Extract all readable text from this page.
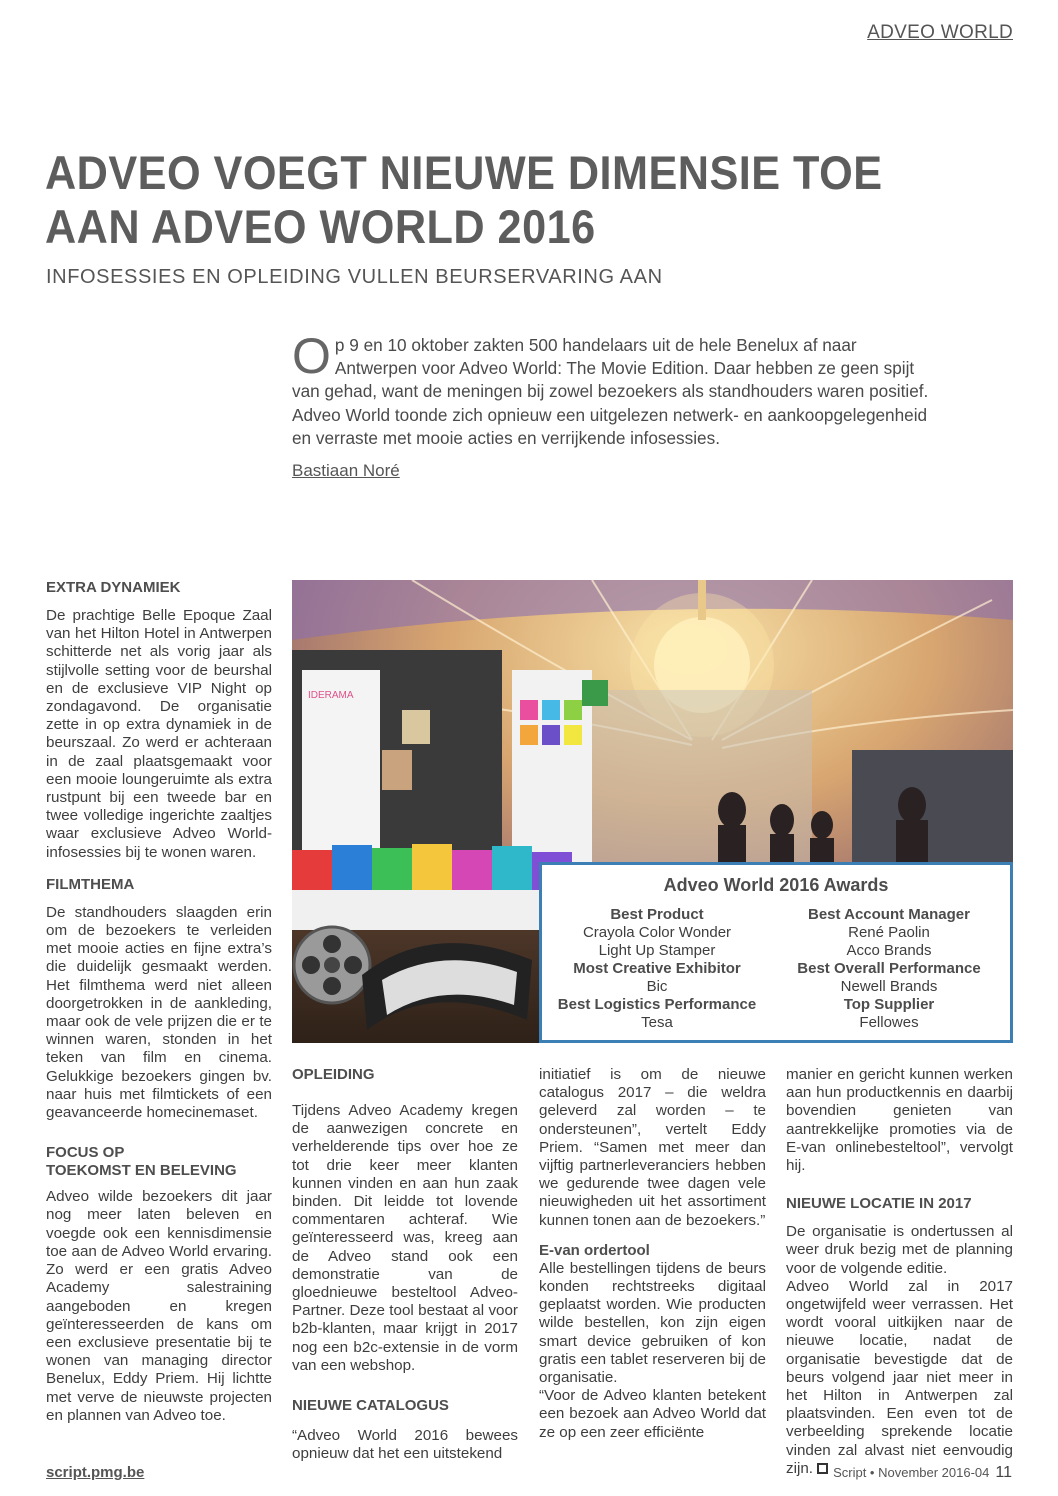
ADVEO WORLD
ADVEO VOEGT NIEUWE DIMENSIE TOE
AAN ADVEO WORLD 2016
INFOSESSIES EN OPLEIDING VULLEN BEURSERVARING AAN
Op 9 en 10 oktober zakten 500 handelaars uit de hele Benelux af naar Antwerpen voor Adveo World: The Movie Edition. Daar hebben ze geen spijt van gehad, want de meningen bij zowel bezoekers als standhouders waren positief. Adveo World toonde zich opnieuw een uitgelezen netwerk- en aankoopgelegenheid en verraste met mooie acties en verrijkende infosessies.
Bastiaan Noré
EXTRA DYNAMIEK

De prachtige Belle Epoque Zaal van het Hilton Hotel in Antwerpen schitterde net als vorig jaar als stijlvolle setting voor de beurshal en de exclusieve VIP Night op zondagavond. De organisatie zette in op extra dynamiek in de beurszaal. Zo werd er achteraan in de zaal plaatsgemaakt voor een mooie loungeruimte als extra rustpunt bij een tweede bar en twee volledige ingerichte zaaltjes waar exclusieve Adveo World-infosessies bij te wonen waren.

FILMTHEMA

De standhouders slaagden erin om de bezoekers te verleiden met mooie acties en fijne extra’s die duidelijk gesmaakt werden. Het filmthema werd niet alleen doorgetrokken in de aankleding, maar ook de vele prijzen die er te winnen waren, stonden in het teken van film en cinema. Gelukkige bezoekers gingen bv. naar huis met filmtickets of een geavanceerde homecinemaset.

FOCUS OP
TOEKOMST EN BELEVING

Adveo wilde bezoekers dit jaar nog meer laten beleven en voegde ook een kennisdimensie toe aan de Adveo World ervaring. Zo werd er een gratis Adveo Academy salestraining aangeboden en kregen geïnteresseerden de kans om een exclusieve presentatie bij te wonen van managing director Benelux, Eddy Priem. Hij lichtte met verve de nieuwste projecten en plannen van Adveo toe.

IDERAMA
Adveo World 2016 Awards
Best Product
Crayola Color Wonder
Light Up Stamper
Most Creative Exhibitor
Bic
Best Logistics Performance
Tesa
Best Account Manager
René Paolin
Acco Brands
Best Overall Performance
Newell Brands
Top Supplier
Fellowes
OPLEIDING

Tijdens Adveo Academy kregen de aanwezigen concrete en verhelderende tips over hoe ze tot drie keer meer klanten kunnen vinden en aan hun zaak binden. Dit leidde tot lovende commentaren achteraf. Wie geïnteresseerd was, kreeg aan de Adveo stand ook een demonstratie van de gloednieuwe besteltool Adveo-Partner. Deze tool bestaat al voor b2b-klanten, maar krijgt in 2017 nog een b2c-extensie in de vorm van een webshop.

NIEUWE CATALOGUS

“Adveo World 2016 bewees opnieuw dat het een uitstekend

initiatief is om de nieuwe catalogus 2017 – die weldra geleverd zal worden – te ondersteunen”, vertelt Eddy Priem. “Samen met meer dan vijftig partnerleveranciers hebben we gedurende twee dagen vele nieuwigheden uit het assortiment kunnen tonen aan de bezoekers.”

E-van ordertool

Alle bestellingen tijdens de beurs konden rechtstreeks digitaal geplaatst worden. Wie producten wilde bestellen, kon zijn eigen smart device gebruiken of kon gratis een tablet reserveren bij de organisatie.

“Voor de Adveo klanten betekent een bezoek aan Adveo World dat ze op een zeer efficiënte

manier en gericht kunnen werken aan hun productkennis en daarbij bovendien genieten van aantrekkelijke promoties via de E-van onlinebesteltool”, vervolgt hij.

NIEUWE LOCATIE IN 2017

De organisatie is ondertussen al weer druk bezig met de planning voor de volgende editie.

Adveo World zal in 2017 ongetwijfeld weer verrassen. Het wordt vooral uitkijken naar de nieuwe locatie, nadat de organisatie bevestigde dat de beurs volgend jaar niet meer in het Hilton in Antwerpen zal plaatsvinden. Een even tot de verbeelding sprekende locatie vinden zal alvast niet eenvoudig zijn.

script.pmg.be	Script • November 2016-04 11
